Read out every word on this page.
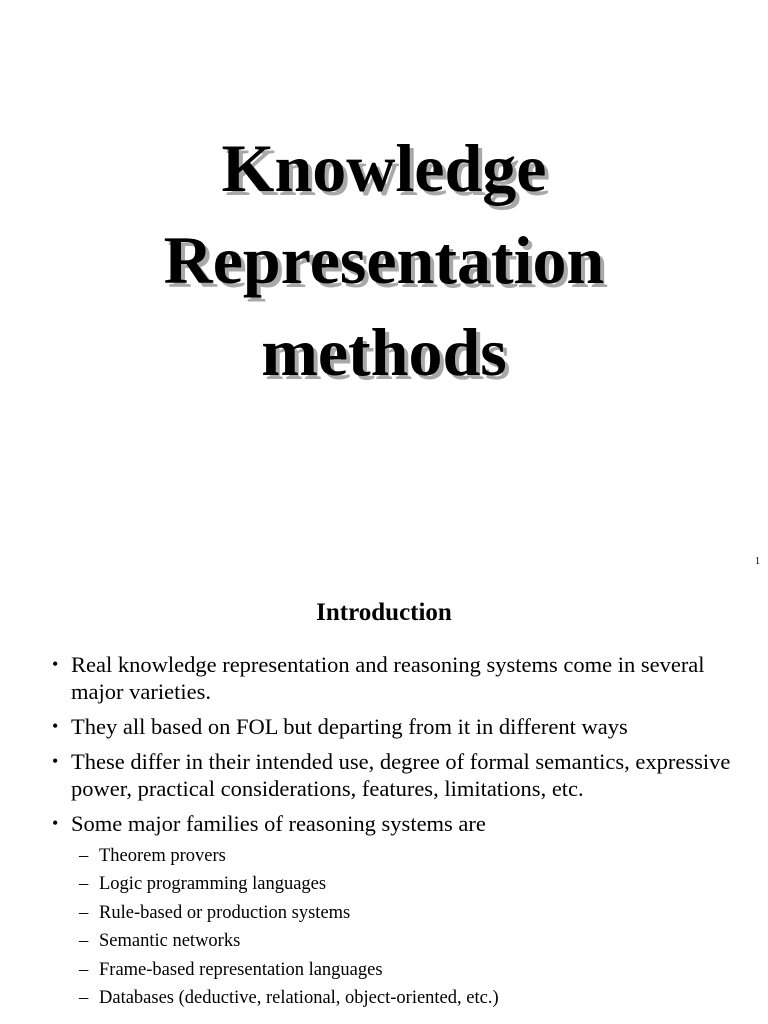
Knowledge
Representation
methods
1
Introduction
• Real knowledge representation and reasoning systems come in several major varieties.
• They all based on FOL but departing from it in different ways
• These differ in their intended use, degree of formal semantics, expressive power, practical considerations, features, limitations, etc.
• Some major families of reasoning systems are
– Theorem provers
– Logic programming languages
– Rule-based or production systems
– Semantic networks
– Frame-based representation languages
– Databases (deductive, relational, object-oriented, etc.)
